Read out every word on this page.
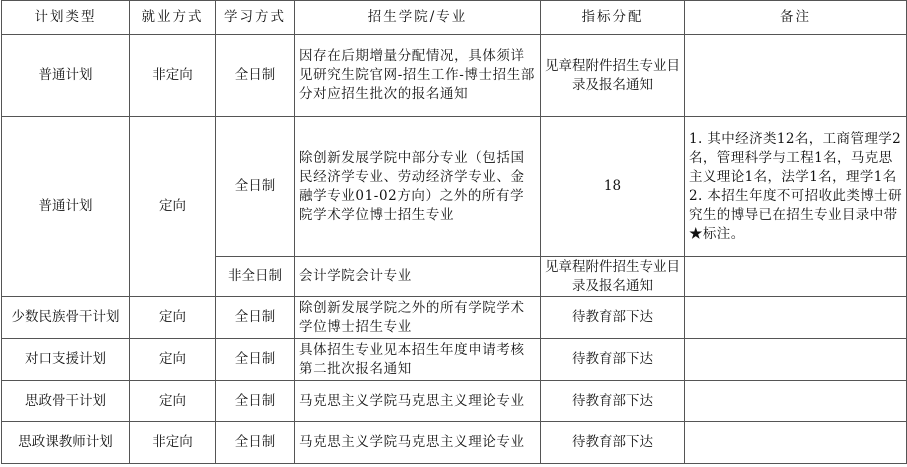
计划类型	就业方式	学习方式	招生学院/专业	指标分配	备注
普通计划	非定向	全日制	因存在后期增量分配情况，具体须详见研究生院官网-招生工作-博士招生部分对应招生批次的报名通知	见章程附件招生专业目录及报名通知	
普通计划	定向	全日制	除创新发展学院中部分专业（包括国民经济学专业、劳动经济学专业、金融学专业01-02方向）之外的所有学院学术学位博士招生专业	18	1. 其中经济类12名，工商管理学2名，管理科学与工程1名，马克思主义理论1名，法学1名，理学1名
2. 本招生年度不可招收此类博士研究生的博导已在招生专业目录中带★标注。

		非全日制	会计学院会计专业	见章程附件招生专业目录及报名通知	
少数民族骨干计划	定向	全日制	除创新发展学院之外的所有学院学术学位博士招生专业	待教育部下达	
对口支援计划	定向	全日制	具体招生专业见本招生年度申请考核第二批次报名通知	待教育部下达	
思政骨干计划	定向	全日制	马克思主义学院马克思主义理论专业	待教育部下达	
思政课教师计划	非定向	全日制	马克思主义学院马克思主义理论专业	待教育部下达	
